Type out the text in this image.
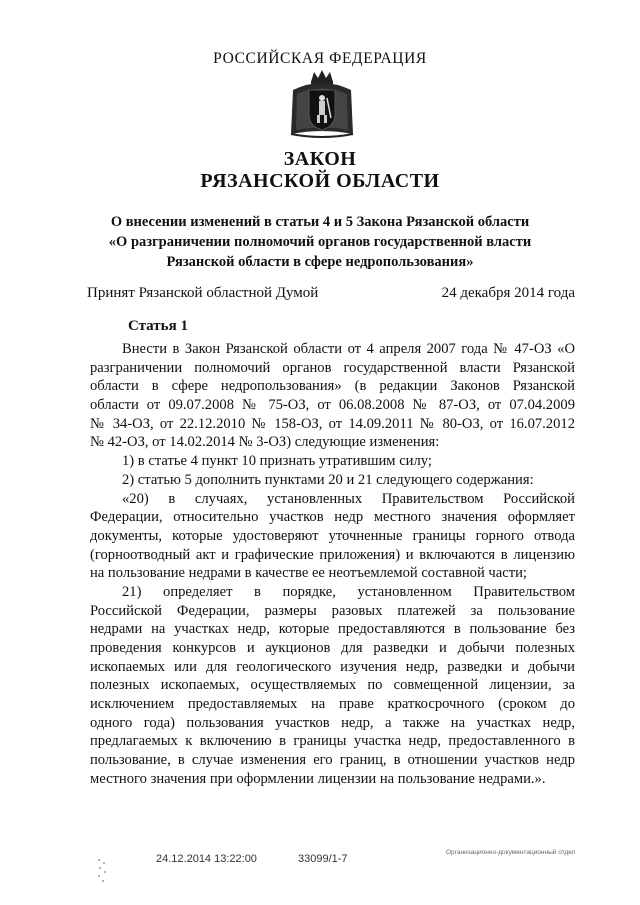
РОССИЙСКАЯ ФЕДЕРАЦИЯ
ЗАКОН
РЯЗАНСКОЙ ОБЛАСТИ
О внесении изменений в статьи 4 и 5 Закона Рязанской области
«О разграничении полномочий органов государственной власти
Рязанской области в сфере недропользования»
Принят Рязанской областной Думой	24 декабря 2014 года
Статья 1
Внести в Закон Рязанской области от 4 апреля 2007 года № 47-ОЗ «О
разграничении полномочий органов государственной власти Рязанской
области в сфере недропользования» (в редакции Законов Рязанской
области от 09.07.2008 № 75-ОЗ, от 06.08.2008 № 87-ОЗ, от 07.04.2009
№ 34-ОЗ, от 22.12.2010 № 158-ОЗ, от 14.09.2011 № 80-ОЗ, от 16.07.2012
№ 42-ОЗ, от 14.02.2014 № 3-ОЗ) следующие изменения:
1) в статье 4 пункт 10 признать утратившим силу;
2) статью 5 дополнить пунктами 20 и 21 следующего содержания:
«20) в случаях, установленных Правительством Российской
Федерации, относительно участков недр местного значения оформляет
документы, которые удостоверяют уточненные границы горного отвода
(горноотводный акт и графические приложения) и включаются в лицензию
на пользование недрами в качестве ее неотъемлемой составной части;
21) определяет в порядке, установленном Правительством
Российской Федерации, размеры разовых платежей за пользование
недрами на участках недр, которые предоставляются в пользование без
проведения конкурсов и аукционов для разведки и добычи полезных
ископаемых или для геологического изучения недр, разведки и добычи
полезных ископаемых, осуществляемых по совмещенной лицензии, за
исключением предоставляемых на праве краткосрочного (сроком до
одного года) пользования участков недр, а также на участках недр,
предлагаемых к включению в границы участка недр, предоставленного в
пользование, в случае изменения его границ, в отношении участков недр
местного значения при оформлении лицензии на пользование недрами.».
24.12.2014 13:22:00	33099/1-7
Организационно-документационный отдел
